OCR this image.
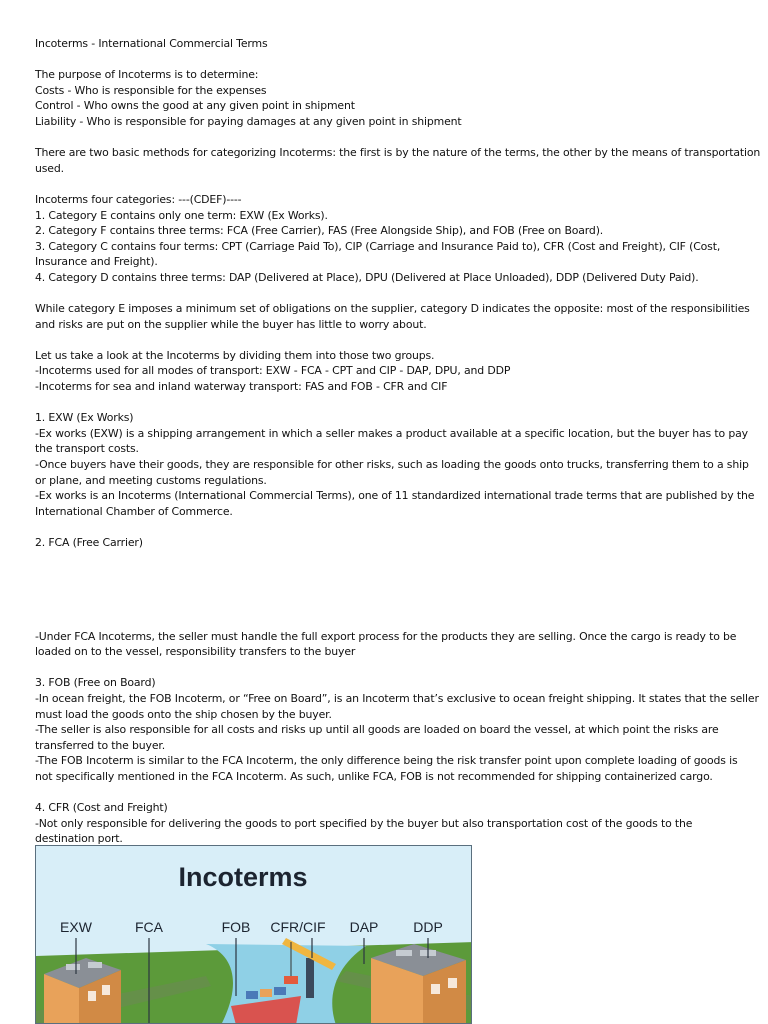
Incoterms - International Commercial Terms
The purpose of Incoterms is to determine:
Costs - Who is responsible for the expenses
Control - Who owns the good at any given point in shipment
Liability - Who is responsible for paying damages at any given point in shipment
There are two basic methods for categorizing Incoterms: the first is by the nature of the terms, the other by the means of transportation
used.
Incoterms four categories: ---(CDEF)----
1. Category E contains only one term: EXW (Ex Works).
2. Category F contains three terms: FCA (Free Carrier), FAS (Free Alongside Ship), and FOB (Free on Board).
3. Category C contains four terms: CPT (Carriage Paid To), CIP (Carriage and Insurance Paid to), CFR (Cost and Freight), CIF (Cost,
Insurance and Freight).
4. Category D contains three terms: DAP (Delivered at Place), DPU (Delivered at Place Unloaded), DDP (Delivered Duty Paid).
While category E imposes a minimum set of obligations on the supplier, category D indicates the opposite: most of the responsibilities
and risks are put on the supplier while the buyer has little to worry about.
Let us take a look at the Incoterms by dividing them into those two groups.
-Incoterms used for all modes of transport: EXW - FCA - CPT and CIP - DAP, DPU, and DDP
-Incoterms for sea and inland waterway transport: FAS and FOB - CFR and CIF
1. EXW (Ex Works)
-Ex works (EXW) is a shipping arrangement in which a seller makes a product available at a specific location, but the buyer has to pay
the transport costs.
-Once buyers have their goods, they are responsible for other risks, such as loading the goods onto trucks, transferring them to a ship
or plane, and meeting customs regulations.
-Ex works is an Incoterms (International Commercial Terms), one of 11 standardized international trade terms that are published by the
International Chamber of Commerce.
2. FCA (Free Carrier)
-Under FCA Incoterms, the seller must handle the full export process for the products they are selling. Once the cargo is ready to be
loaded on to the vessel, responsibility transfers to the buyer
3. FOB (Free on Board)
-In ocean freight, the FOB Incoterm, or “Free on Board”, is an Incoterm that’s exclusive to ocean freight shipping. It states that the seller
must load the goods onto the ship chosen by the buyer.
-The seller is also responsible for all costs and risks up until all goods are loaded on board the vessel, at which point the risks are
transferred to the buyer.
-The FOB Incoterm is similar to the FCA Incoterm, the only difference being the risk transfer point upon complete loading of goods is
not specifically mentioned in the FCA Incoterm. As such, unlike FCA, FOB is not recommended for shipping containerized cargo.
4. CFR (Cost and Freight)
-Not only responsible for delivering the goods to port specified by the buyer but also transportation cost of the goods to the
destination port.
Incoterms
EXW	FCA	FOB CFR/CIF DAP DDP
